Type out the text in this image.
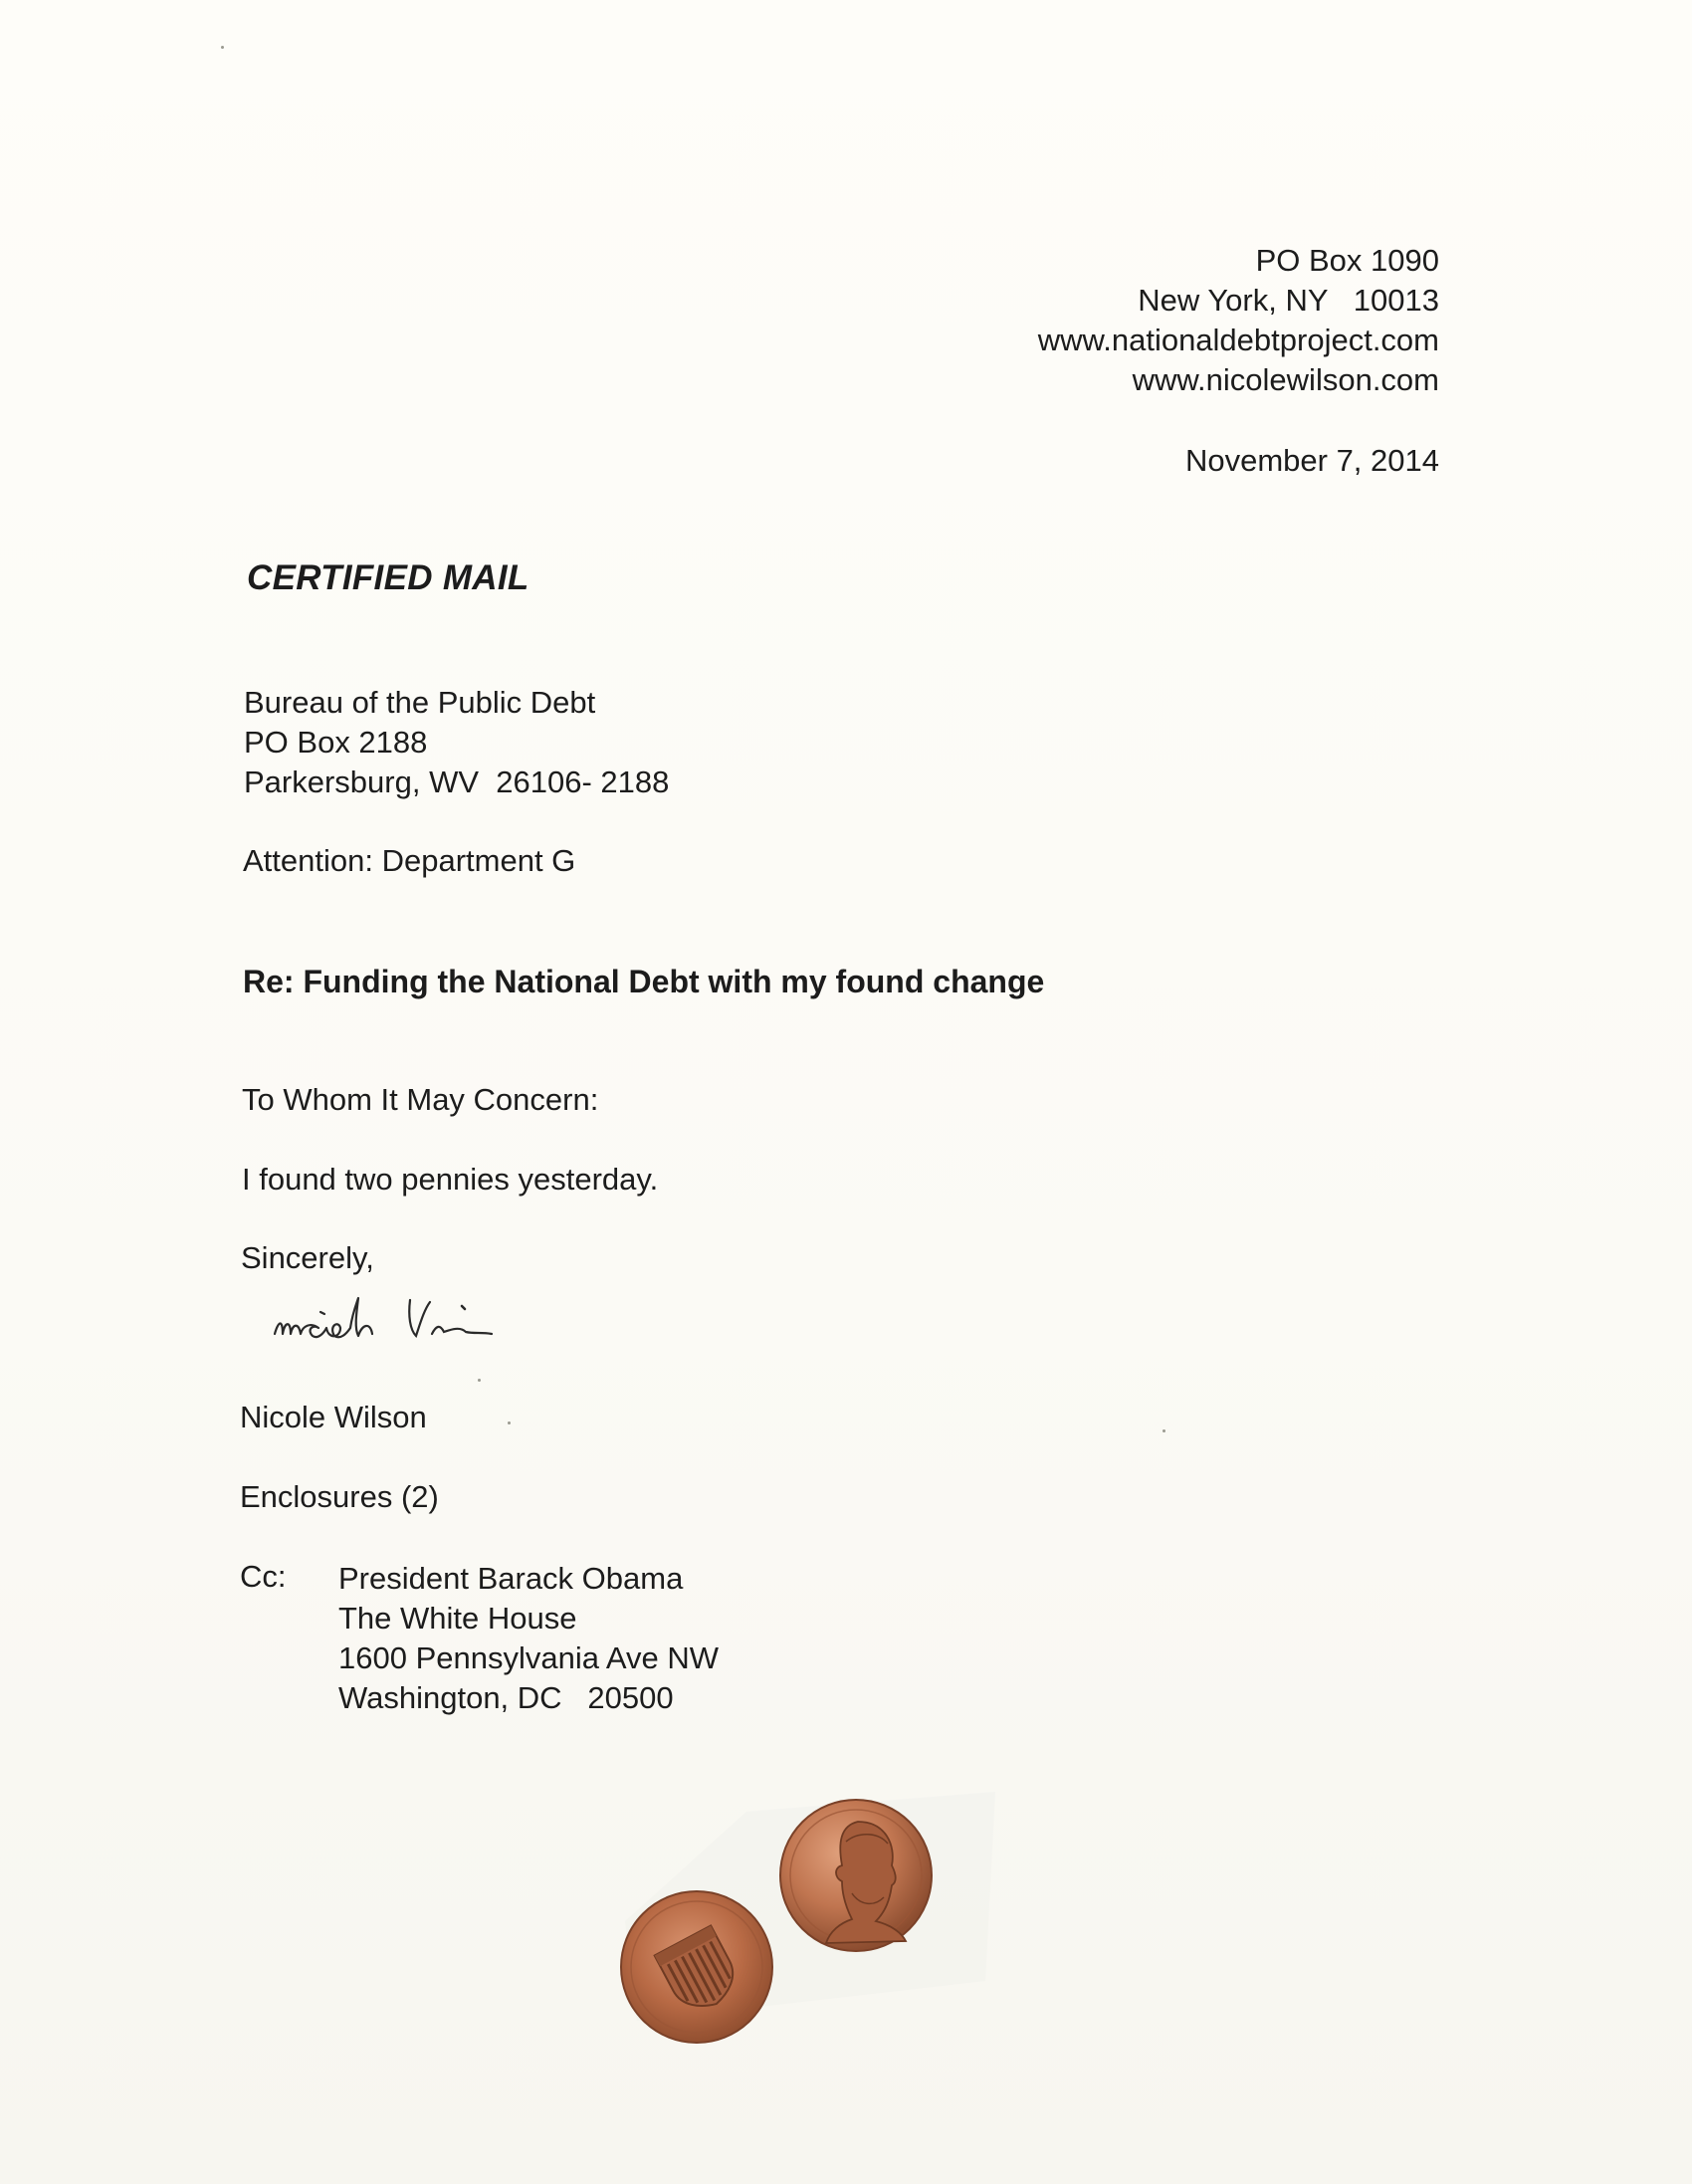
PO Box 1090
New York, NY   10013
www.nationaldebtproject.com
www.nicolewilson.com
November 7, 2014
CERTIFIED MAIL
Bureau of the Public Debt
PO Box 2188
Parkersburg, WV  26106- 2188
Attention: Department G
Re: Funding the National Debt with my found change
To Whom It May Concern:
I found two pennies yesterday.
Sincerely,
Nicole Wilson
Enclosures (2)
Cc: President Barack Obama
The White House
1600 Pennsylvania Ave NW
Washington, DC   20500
